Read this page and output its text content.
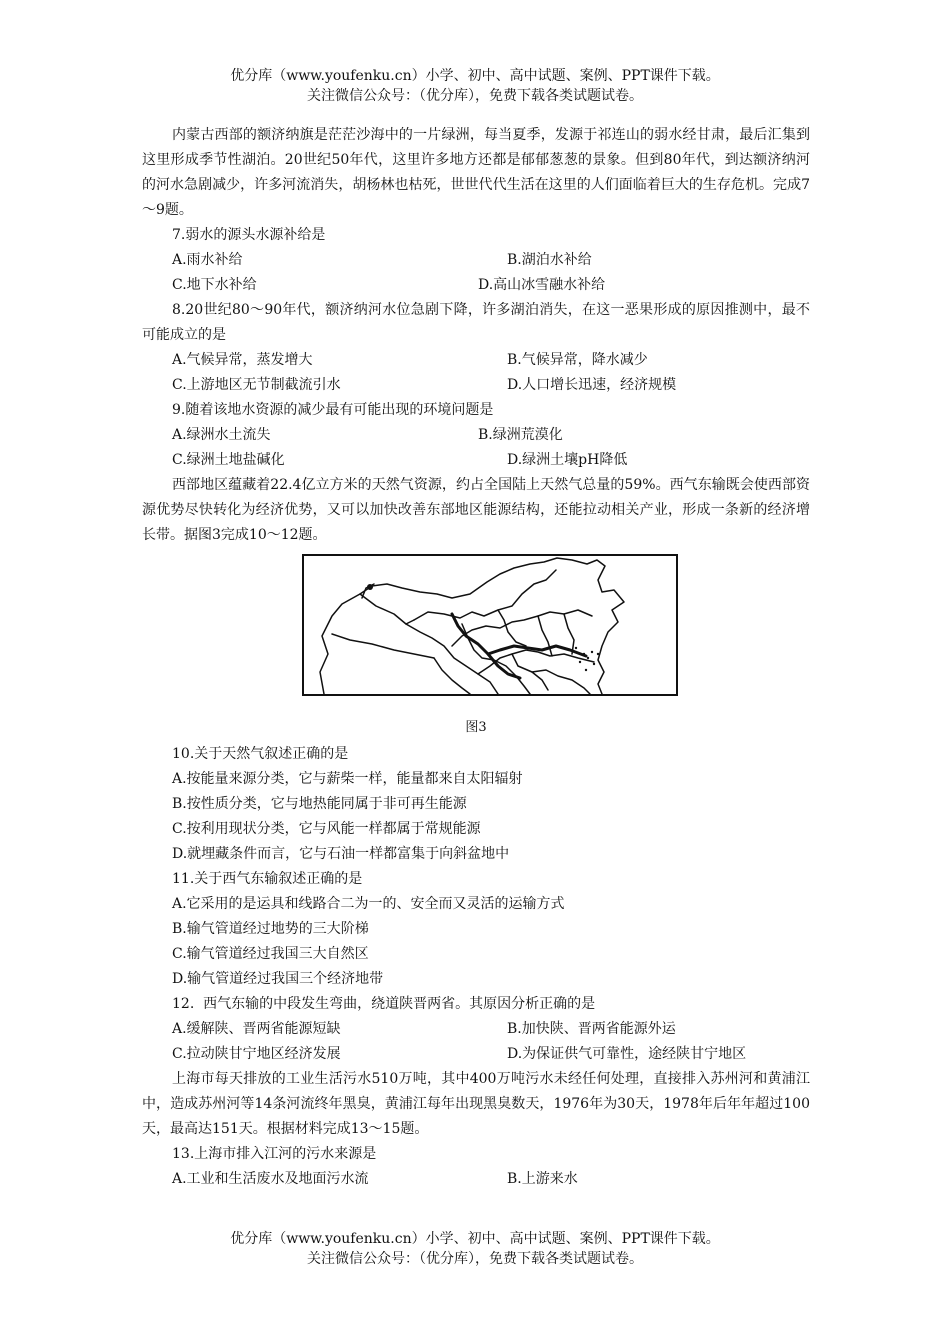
优分库（www.youfenku.cn）小学、初中、高中试题、案例、PPT课件下载。
关注微信公众号：（优分库），免费下载各类试题试卷。

内蒙古西部的额济纳旗是茫茫沙海中的一片绿洲，每当夏季，发源于祁连山的弱水经甘肃，最后汇集到这里形成季节性湖泊。20世纪50年代，这里许多地方还都是郁郁葱葱的景象。但到80年代，到达额济纳河的河水急剧减少，许多河流消失，胡杨林也枯死，世世代代生活在这里的人们面临着巨大的生存危机。完成7～9题。

7.弱水的源头水源补给是

A.雨水补给	B.湖泊水补给
C.地下水补给	D.高山冰雪融水补给

8.20世纪80～90年代，额济纳河水位急剧下降，许多湖泊消失，在这一恶果形成的原因推测中，最不可能成立的是

A.气候异常，蒸发增大	B.气候异常，降水减少
C.上游地区无节制截流引水	D.人口增长迅速，经济规模

9.随着该地水资源的减少最有可能出现的环境问题是

A.绿洲水土流失	B.绿洲荒漠化
C.绿洲土地盐碱化	D.绿洲土壤pH降低

西部地区蕴藏着22.4亿立方米的天然气资源，约占全国陆上天然气总量的59%。西气东输既会使西部资源优势尽快转化为经济优势，又可以加快改善东部地区能源结构，还能拉动相关产业，形成一条新的经济增长带。据图3完成10～12题。

图3

10.关于天然气叙述正确的是

A.按能量来源分类，它与薪柴一样，能量都来自太阳辐射

B.按性质分类，它与地热能同属于非可再生能源

C.按利用现状分类，它与风能一样都属于常规能源

D.就埋藏条件而言，它与石油一样都富集于向斜盆地中

11.关于西气东输叙述正确的是

A.它采用的是运具和线路合二为一的、安全而又灵活的运输方式

B.输气管道经过地势的三大阶梯

C.输气管道经过我国三大自然区

D.输气管道经过我国三个经济地带

12.  西气东输的中段发生弯曲，绕道陕晋两省。其原因分析正确的是

A.缓解陕、晋两省能源短缺	B.加快陕、晋两省能源外运
C.拉动陕甘宁地区经济发展	D.为保证供气可靠性，途经陕甘宁地区

上海市每天排放的工业生活污水510万吨，其中400万吨污水未经任何处理，直接排入苏州河和黄浦江中，造成苏州河等14条河流终年黑臭，黄浦江每年出现黑臭数天，1976年为30天，1978年后年年超过100天，最高达151天。根据材料完成13～15题。

13.上海市排入江河的污水来源是

A.工业和生活废水及地面污水流	B.上游来水
优分库（www.youfenku.cn）小学、初中、高中试题、案例、PPT课件下载。
关注微信公众号：（优分库），免费下载各类试题试卷。
